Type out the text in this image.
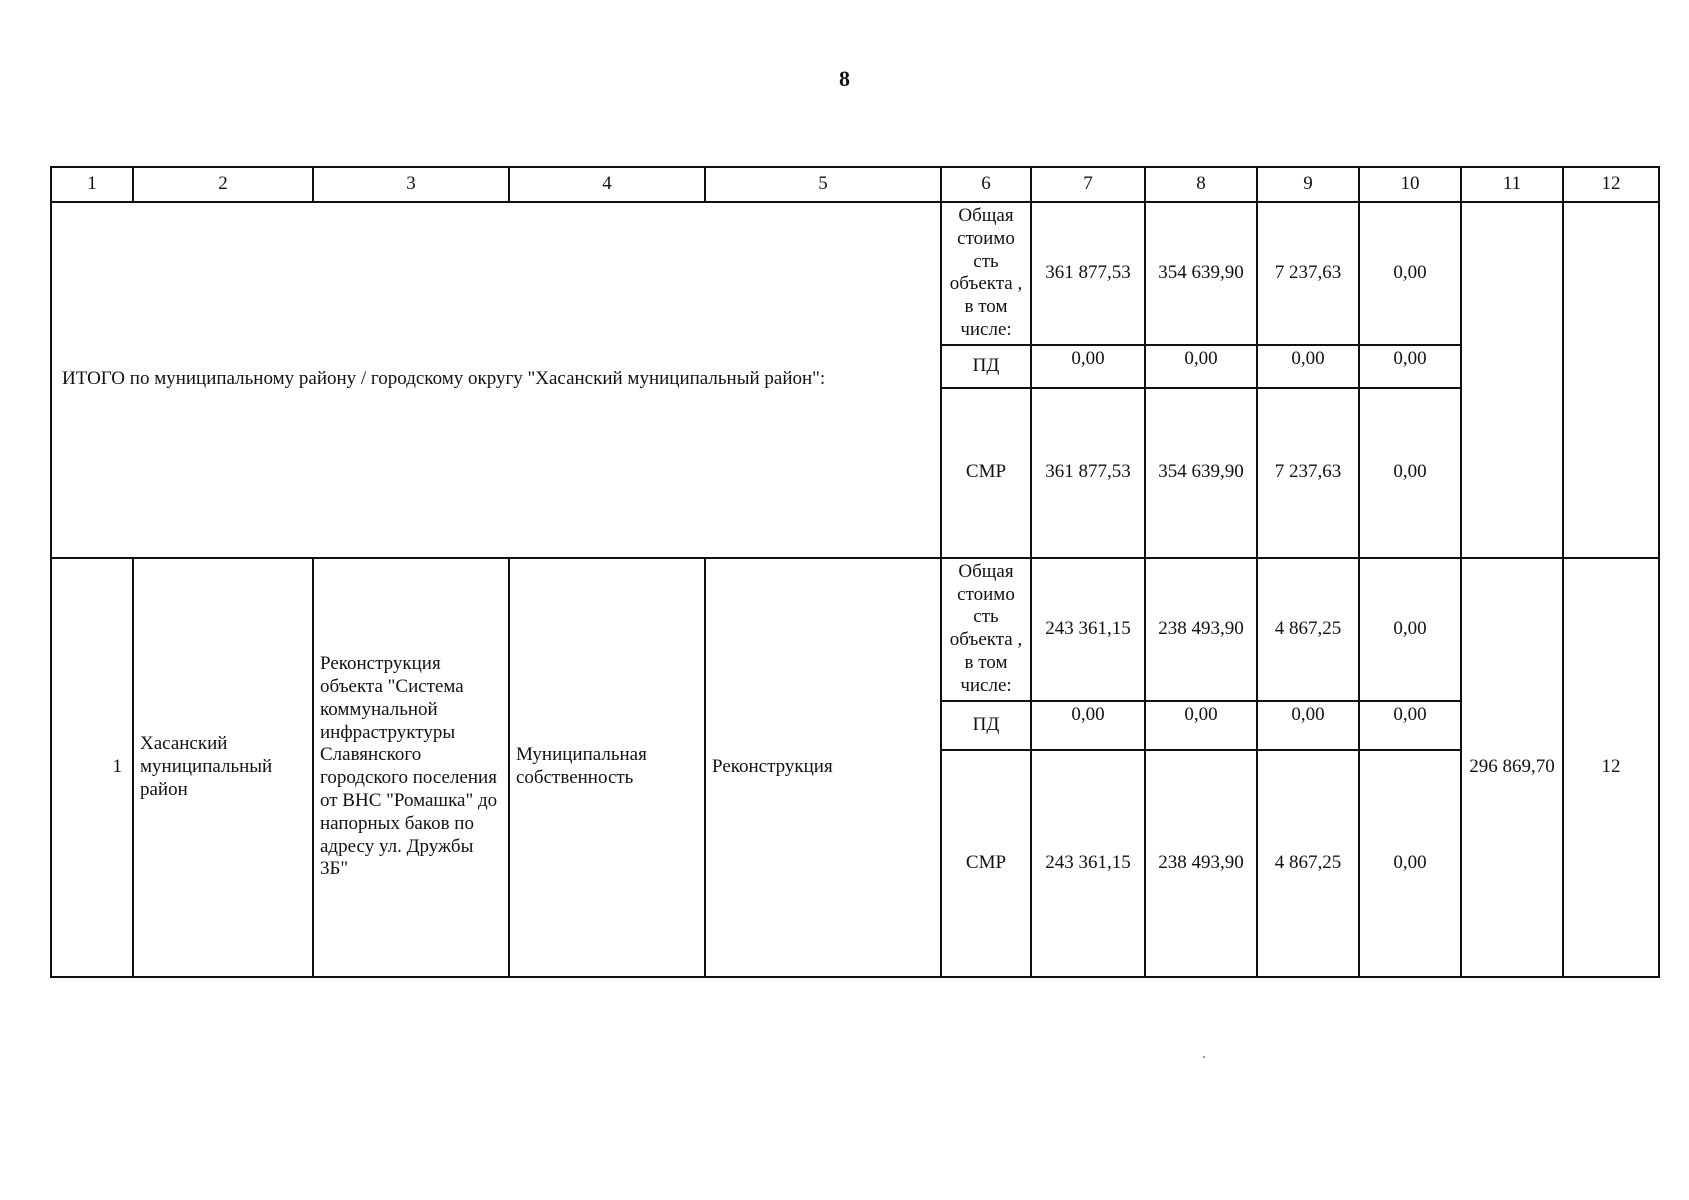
8
1	2	3	4	5	6	7	8	9	10	11	12
ИТОГО по муниципальному району / городскому округу "Хасанский муниципальный район":					Общая стоимо сть объекта , в том числе:	361 877,53	354 639,90	7 237,63	0,00		
					ПД	0,00	0,00	0,00	0,00		
					СМР	361 877,53	354 639,90	7 237,63	0,00		
1	Хасанский муниципальный район	Реконструкция объекта "Система коммунальной инфраструктуры Славянского городского поселения от ВНС "Ромашка" до напорных баков по адресу ул. Дружбы 3Б"	Муниципальная собственность	Реконструкция	Общая стоимо сть объекта , в том числе:	243 361,15	238 493,90	4 867,25	0,00	296 869,70	12
					ПД	0,00	0,00	0,00	0,00		
					СМР	243 361,15	238 493,90	4 867,25	0,00		
